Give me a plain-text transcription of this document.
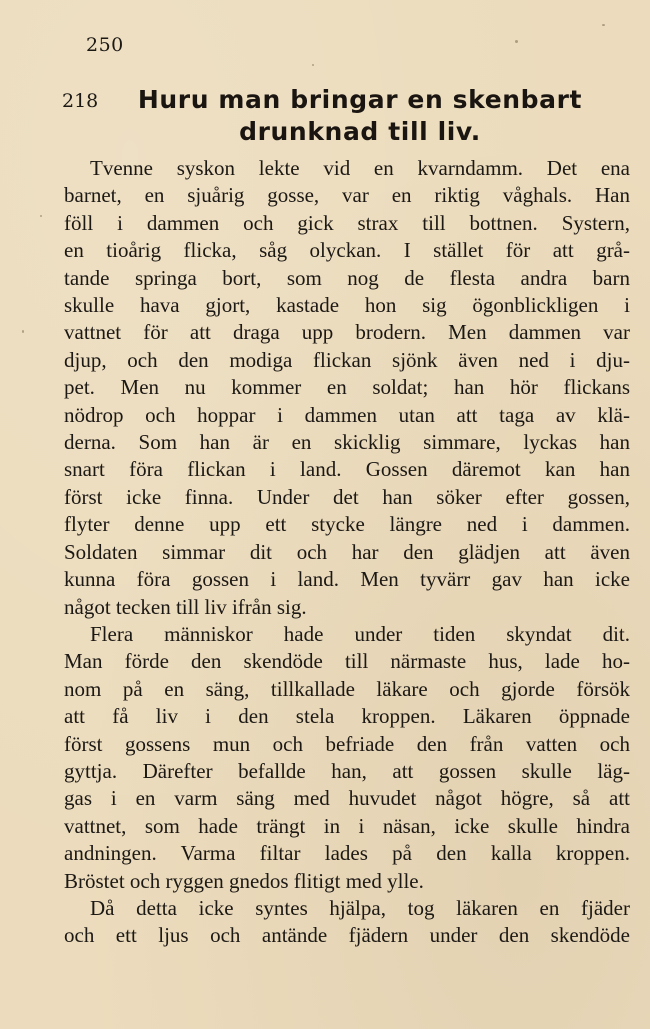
250
218	Huru man bringar en skenbart
drunknad till liv.
Tvenne syskon lekte vid en kvarndamm. Det ena
barnet, en sjuårig gosse, var en riktig våghals. Han
föll i dammen och gick strax till bottnen. Systern,
en tioårig flicka, såg olyckan. I stället för att grå-
tande springa bort, som nog de flesta andra barn
skulle hava gjort, kastade hon sig ögonblickligen i
vattnet för att draga upp brodern. Men dammen var
djup, och den modiga flickan sjönk även ned i dju-
pet. Men nu kommer en soldat; han hör flickans
nödrop och hoppar i dammen utan att taga av klä-
derna. Som han är en skicklig simmare, lyckas han
snart föra flickan i land. Gossen däremot kan han
först icke finna. Under det han söker efter gossen,
flyter denne upp ett stycke längre ned i dammen.
Soldaten simmar dit och har den glädjen att även
kunna föra gossen i land. Men tyvärr gav han icke
något tecken till liv ifrån sig.
Flera människor hade under tiden skyndat dit.
Man förde den skendöde till närmaste hus, lade ho-
nom på en säng, tillkallade läkare och gjorde försök
att få liv i den stela kroppen. Läkaren öppnade
först gossens mun och befriade den från vatten och
gyttja. Därefter befallde han, att gossen skulle läg-
gas i en varm säng med huvudet något högre, så att
vattnet, som hade trängt in i näsan, icke skulle hindra
andningen. Varma filtar lades på den kalla kroppen.
Bröstet och ryggen gnedos flitigt med ylle.
Då detta icke syntes hjälpa, tog läkaren en fjäder
och ett ljus och antände fjädern under den skendöde
